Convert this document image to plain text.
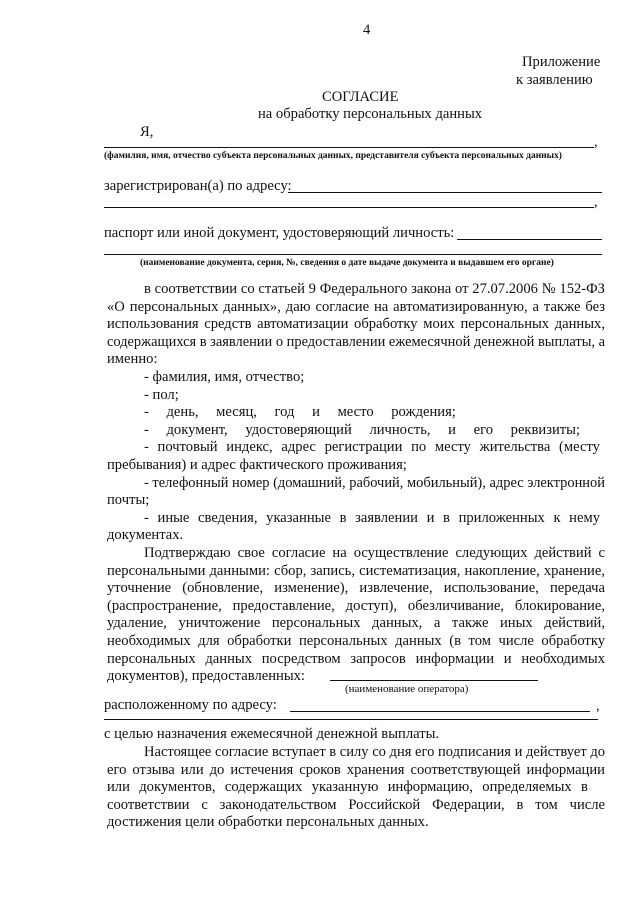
4
Приложение
к заявлению
СОГЛАСИЕ
на обработку персональных данных
Я,
,
(фамилия, имя, отчество субъекта персональных данных, представителя субъекта персональных данных)
зарегистрирован(а) по адресу:
,
паспорт или иной документ, удостоверяющий личность:
(наименование документа, серия, №, сведения о дате выдаче документа и выдавшем его органе)
в соответствии со статьей 9 Федерального закона от 27.07.2006 № 152-ФЗ
«О персональных данных», даю согласие на автоматизированную, а также без
использования средств автоматизации обработку моих персональных данных,
содержащихся в заявлении о предоставлении ежемесячной денежной выплаты, а
именно:
- фамилия, имя, отчество;
- пол;
- день, месяц, год и место рождения;
- документ, удостоверяющий личность, и его реквизиты;
- почтовый индекс, адрес регистрации по месту жительства (месту
пребывания) и адрес фактического проживания;
- телефонный номер (домашний, рабочий, мобильный), адрес электронной
почты;
- иные сведения, указанные в заявлении и в приложенных к нему
документах.
Подтверждаю свое согласие на осуществление следующих действий с
персональными данными: сбор, запись, систематизация, накопление, хранение,
уточнение (обновление, изменение), извлечение, использование, передача
(распространение, предоставление, доступ), обезличивание, блокирование,
удаление, уничтожение персональных данных, а также иных действий,
необходимых для обработки персональных данных (в том числе обработку
персональных данных посредством запросов информации и необходимых
документов), предоставленных:
(наименование оператора)
расположенному по адресу:	,
с целью назначения ежемесячной денежной выплаты.
Настоящее согласие вступает в силу со дня его подписания и действует до
его отзыва или до истечения сроков хранения соответствующей информации
или документов, содержащих указанную информацию, определяемых в
соответствии с законодательством Российской Федерации, в том числе
достижения цели обработки персональных данных.
